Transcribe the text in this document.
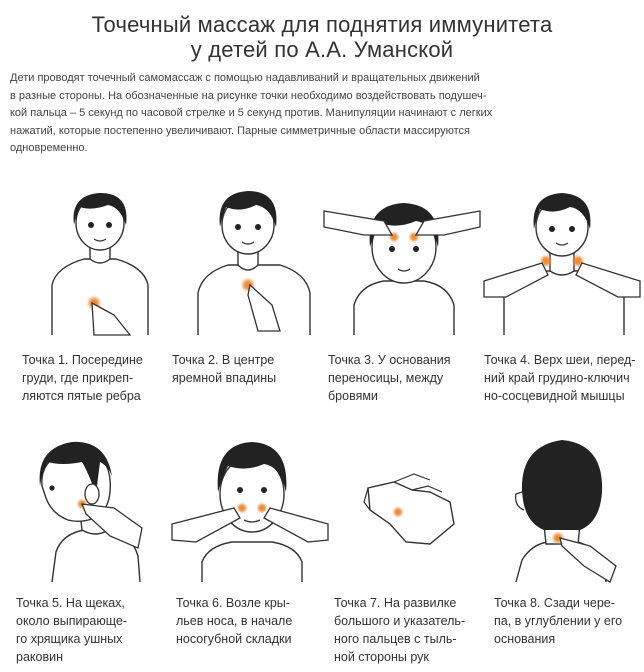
Точечный массаж для поднятия иммунитета
у детей по А.А. Уманской
Дети проводят точечный самомассаж с помощью надавливаний и вращательных движений
в разные стороны. На обозначенные на рисунке точки необходимо воздействовать подушеч-
кой пальца – 5 секунд по часовой стрелке и 5 секунд против. Манипуляции начинают с легких
нажатий, которые постепенно увеличивают. Парные симметричные области массируются
одновременно.
Точка 1. Посередине
груди, где прикреп-
ляются пятые ребра
Точка 2. В центре
яремной впадины
Точка 3. У основания
переносицы, между
бровями
Точка 4. Верх шеи, перед-
ний край грудино-ключич
но-сосцевидной мышцы
Точка 5. На щеках,
около выпирающе-
го хрящика ушных
раковин
Точка 6. Возле кры-
льев носа, в начале
носогубной складки
Точка 7. На развилке
большого и указатель-
ного пальцев с тыль-
ной стороны рук
Точка 8. Сзади чере-
па, в углублении у его
основания
